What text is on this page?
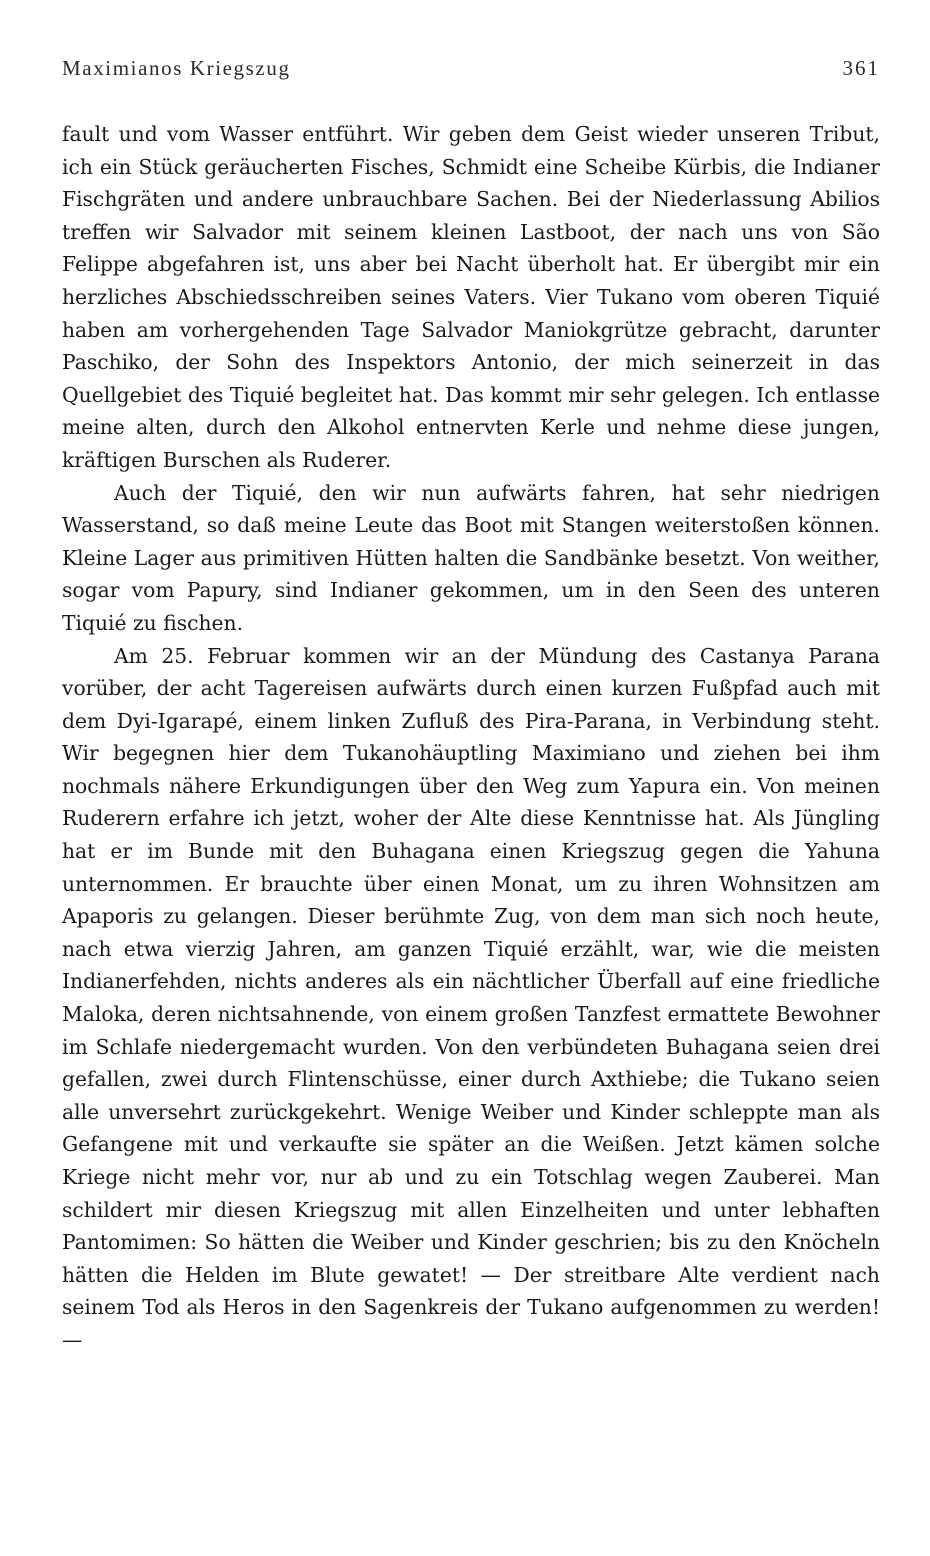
Maximianos Kriegszug	361

fault und vom Wasser entführt. Wir geben dem Geist wieder unseren Tribut, ich ein Stück geräucherten Fisches, Schmidt eine Scheibe Kürbis, die Indianer Fischgräten und andere unbrauchbare Sachen. Bei der Niederlassung Abilios treffen wir Salvador mit seinem kleinen Lastboot, der nach uns von São Felippe abgefahren ist, uns aber bei Nacht überholt hat. Er übergibt mir ein herzliches Abschiedsschreiben seines Vaters. Vier Tukano vom oberen Tiquié haben am vorhergehenden Tage Salvador Maniokgrütze gebracht, darunter Paschiko, der Sohn des Inspektors Antonio, der mich seinerzeit in das Quellgebiet des Tiquié begleitet hat. Das kommt mir sehr gelegen. Ich entlasse meine alten, durch den Alkohol entnervten Kerle und nehme diese jungen, kräftigen Burschen als Ruderer.

Auch der Tiquié, den wir nun aufwärts fahren, hat sehr niedrigen Wasserstand, so daß meine Leute das Boot mit Stangen weiterstoßen können. Kleine Lager aus primitiven Hütten halten die Sandbänke besetzt. Von weither, sogar vom Papury, sind Indianer gekommen, um in den Seen des unteren Tiquié zu fischen.

Am 25. Februar kommen wir an der Mündung des Castanya Parana vorüber, der acht Tagereisen aufwärts durch einen kurzen Fußpfad auch mit dem Dyi-Igarapé, einem linken Zufluß des Pira-Parana, in Verbindung steht. Wir begegnen hier dem Tukanohäuptling Maximiano und ziehen bei ihm nochmals nähere Erkundigungen über den Weg zum Yapura ein. Von meinen Ruderern erfahre ich jetzt, woher der Alte diese Kenntnisse hat. Als Jüngling hat er im Bunde mit den Buhagana einen Kriegszug gegen die Yahuna unternommen. Er brauchte über einen Monat, um zu ihren Wohnsitzen am Apaporis zu gelangen. Dieser berühmte Zug, von dem man sich noch heute, nach etwa vierzig Jahren, am ganzen Tiquié erzählt, war, wie die meisten Indianerfehden, nichts anderes als ein nächtlicher Überfall auf eine friedliche Maloka, deren nichtsahnende, von einem großen Tanzfest ermattete Bewohner im Schlafe niedergemacht wurden. Von den verbündeten Buhagana seien drei gefallen, zwei durch Flintenschüsse, einer durch Axthiebe; die Tukano seien alle unversehrt zurückgekehrt. Wenige Weiber und Kinder schleppte man als Gefangene mit und verkaufte sie später an die Weißen. Jetzt kämen solche Kriege nicht mehr vor, nur ab und zu ein Totschlag wegen Zauberei. Man schildert mir diesen Kriegszug mit allen Einzelheiten und unter lebhaften Pantomimen: So hätten die Weiber und Kinder geschrien; bis zu den Knöcheln hätten die Helden im Blute gewatet! — Der streitbare Alte verdient nach seinem Tod als Heros in den Sagenkreis der Tukano aufgenommen zu werden! —
